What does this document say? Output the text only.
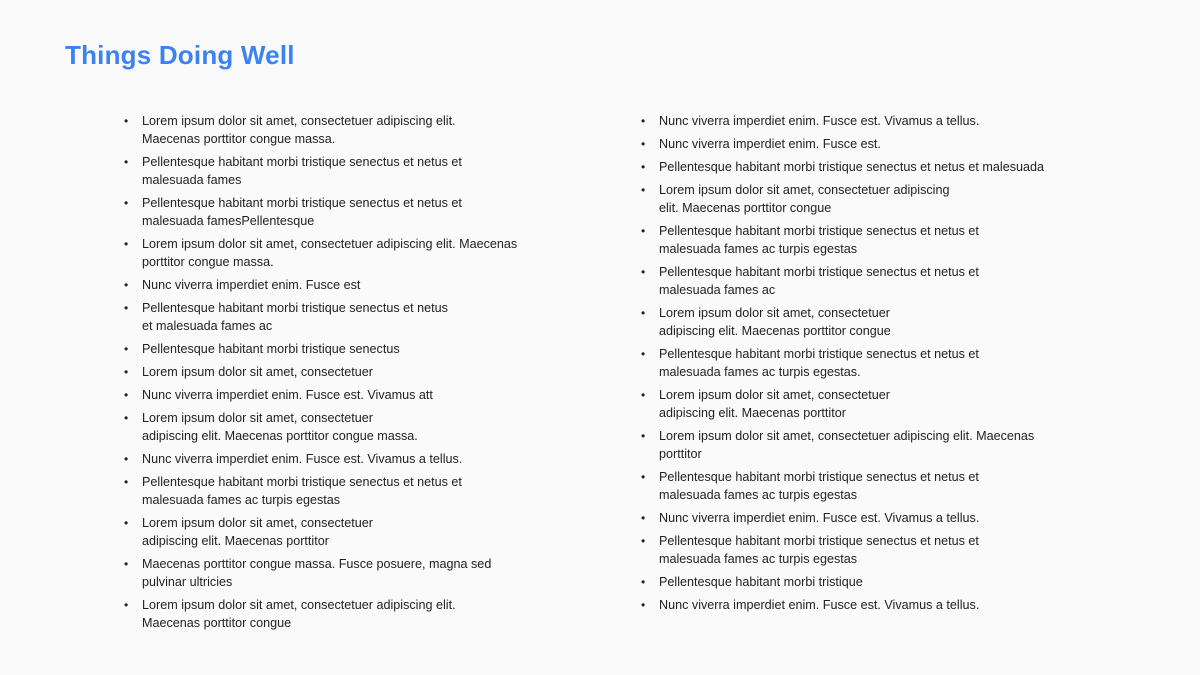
Things Doing Well
• Lorem ipsum dolor sit amet, consectetuer adipiscing elit.
Maecenas porttitor congue massa.
• Pellentesque habitant morbi tristique senectus et netus et
malesuada fames
• Pellentesque habitant morbi tristique senectus et netus et
malesuada famesPellentesque
• Lorem ipsum dolor sit amet, consectetuer adipiscing elit. Maecenas
porttitor congue massa.
• Nunc viverra imperdiet enim. Fusce est
• Pellentesque habitant morbi tristique senectus et netus
et malesuada fames ac
• Pellentesque habitant morbi tristique senectus
• Lorem ipsum dolor sit amet, consectetuer
• Nunc viverra imperdiet enim. Fusce est. Vivamus att
• Lorem ipsum dolor sit amet, consectetuer
adipiscing elit. Maecenas porttitor congue massa.
• Nunc viverra imperdiet enim. Fusce est. Vivamus a tellus.
• Pellentesque habitant morbi tristique senectus et netus et
malesuada fames ac turpis egestas
• Lorem ipsum dolor sit amet, consectetuer
adipiscing elit. Maecenas porttitor
• Maecenas porttitor congue massa. Fusce posuere, magna sed
pulvinar ultricies
• Lorem ipsum dolor sit amet, consectetuer adipiscing elit.
Maecenas porttitor congue
• Nunc viverra imperdiet enim. Fusce est. Vivamus a tellus.
• Nunc viverra imperdiet enim. Fusce est.
• Pellentesque habitant morbi tristique senectus et netus et malesuada
• Lorem ipsum dolor sit amet, consectetuer adipiscing
elit. Maecenas porttitor congue
• Pellentesque habitant morbi tristique senectus et netus et
malesuada fames ac turpis egestas
• Pellentesque habitant morbi tristique senectus et netus et
malesuada fames ac
• Lorem ipsum dolor sit amet, consectetuer
adipiscing elit. Maecenas porttitor congue
• Pellentesque habitant morbi tristique senectus et netus et
malesuada fames ac turpis egestas.
• Lorem ipsum dolor sit amet, consectetuer
adipiscing elit. Maecenas porttitor
• Lorem ipsum dolor sit amet, consectetuer adipiscing elit. Maecenas
porttitor
• Pellentesque habitant morbi tristique senectus et netus et
malesuada fames ac turpis egestas
• Nunc viverra imperdiet enim. Fusce est. Vivamus a tellus.
• Pellentesque habitant morbi tristique senectus et netus et
malesuada fames ac turpis egestas
• Pellentesque habitant morbi tristique
• Nunc viverra imperdiet enim. Fusce est. Vivamus a tellus.
